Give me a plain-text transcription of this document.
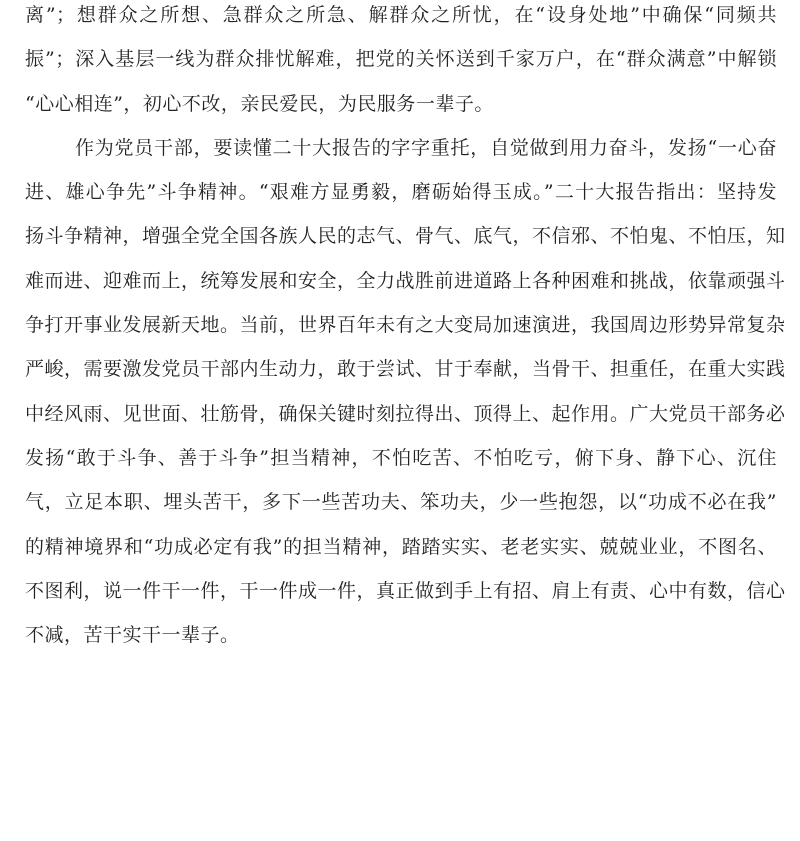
离”；想群众之所想、急群众之所急、解群众之所忧，在“设身处地”中确保“同频共
振”；深入基层一线为群众排忧解难，把党的关怀送到千家万户，在“群众满意”中解锁
“心心相连”，初心不改，亲民爱民，为民服务一辈子。
作为党员干部，要读懂二十大报告的字字重托，自觉做到用力奋斗，发扬“一心奋
进、雄心争先”斗争精神。“艰难方显勇毅，磨砺始得玉成。”二十大报告指出：坚持发
扬斗争精神，增强全党全国各族人民的志气、骨气、底气，不信邪、不怕鬼、不怕压，知
难而进、迎难而上，统筹发展和安全，全力战胜前进道路上各种困难和挑战，依靠顽强斗
争打开事业发展新天地。当前，世界百年未有之大变局加速演进，我国周边形势异常复杂
严峻，需要激发党员干部内生动力，敢于尝试、甘于奉献，当骨干、担重任，在重大实践
中经风雨、见世面、壮筋骨，确保关键时刻拉得出、顶得上、起作用。广大党员干部务必
发扬“敢于斗争、善于斗争”担当精神，不怕吃苦、不怕吃亏，俯下身、静下心、沉住
气，立足本职、埋头苦干，多下一些苦功夫、笨功夫，少一些抱怨，以“功成不必在我”
的精神境界和“功成必定有我”的担当精神，踏踏实实、老老实实、兢兢业业，不图名、
不图利，说一件干一件，干一件成一件，真正做到手上有招、肩上有责、心中有数，信心
不减，苦干实干一辈子。
